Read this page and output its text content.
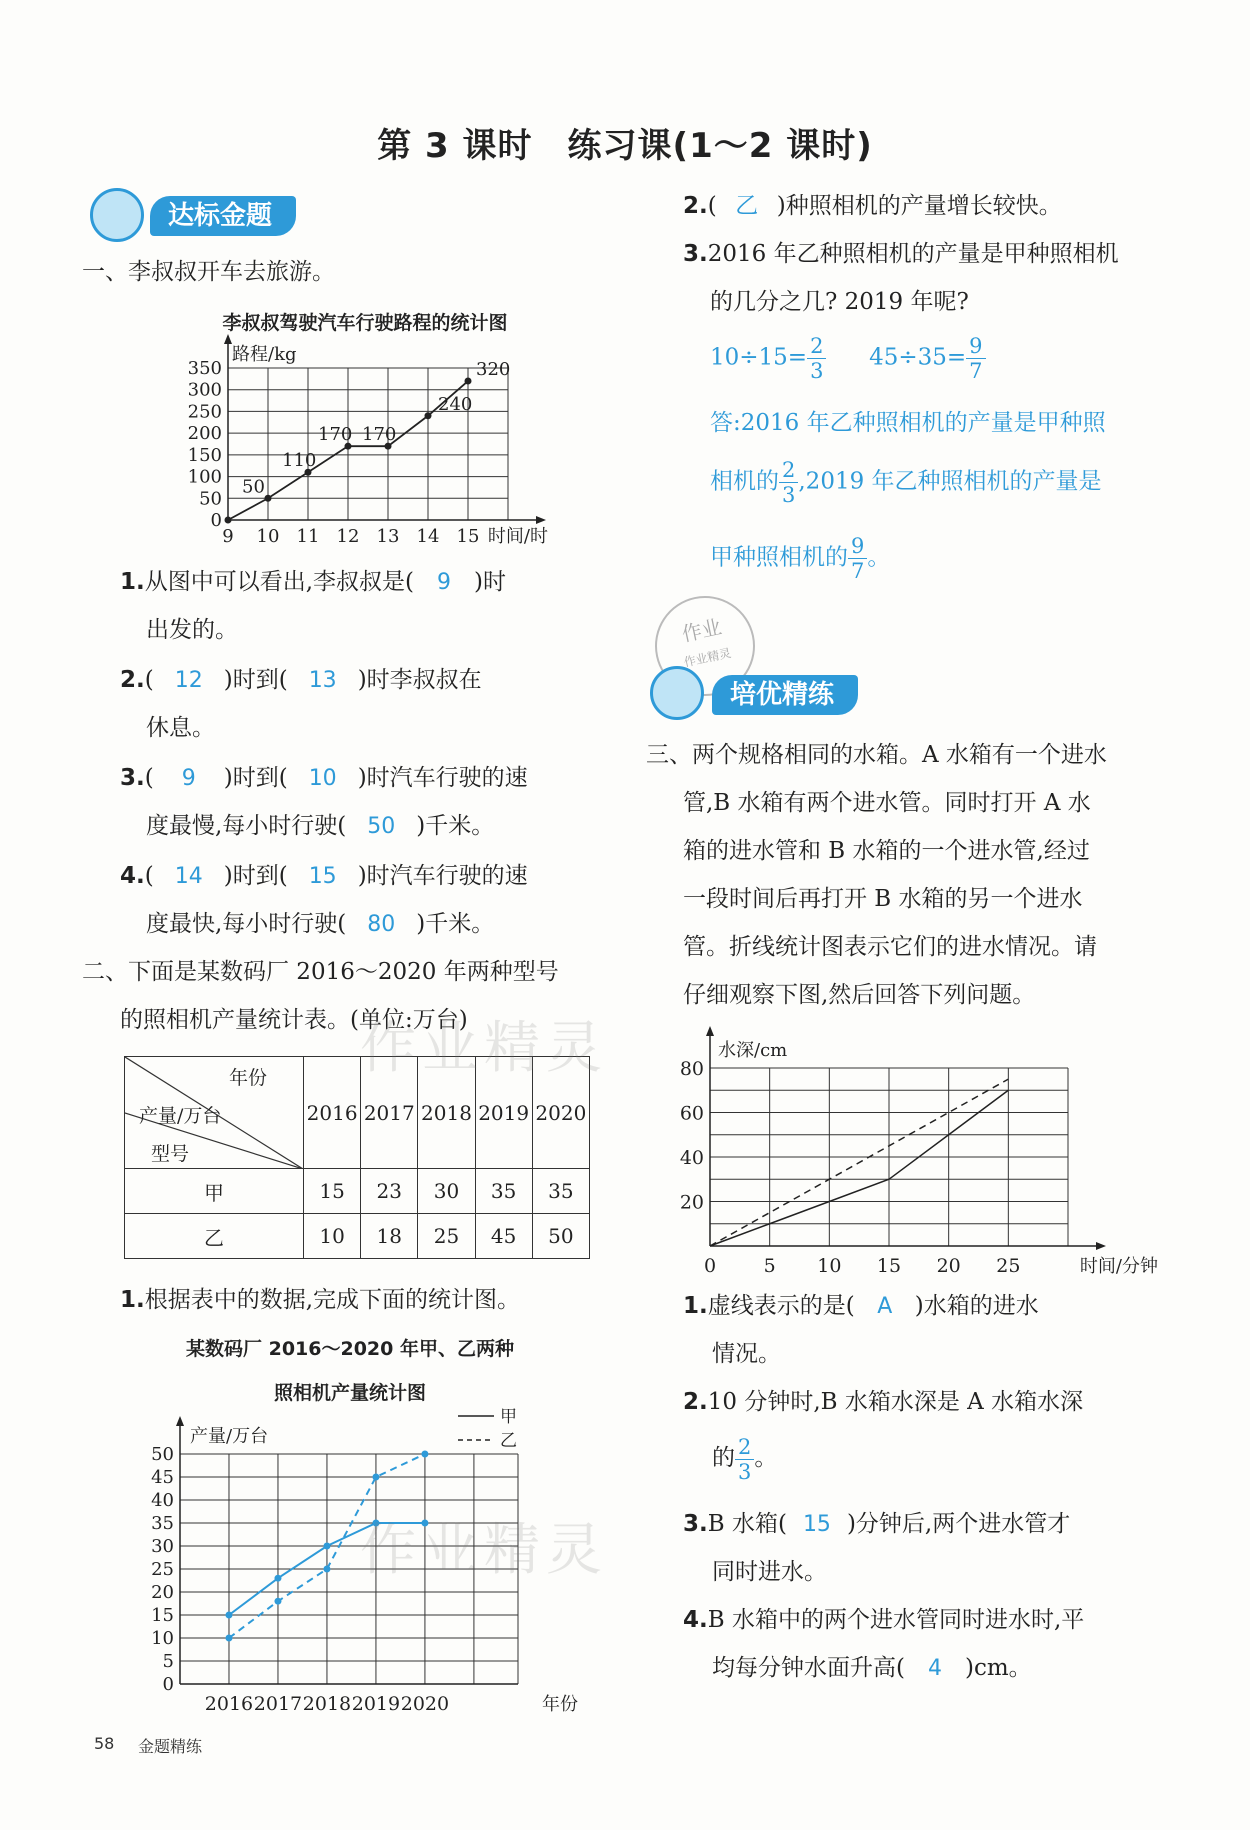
第 3 课时　练习课(1～2 课时)
达标金题
一、李叔叔开车去旅游。
李叔叔驾驶汽车行驶路程的统计图
0
50
100
150
200
250
300
350
9 10 11 12 13 14 15
路程/kg
时间/时
50
110
170 170
240
320
1.从图中可以看出,李叔叔是( 9 )时
出发的。
2.( 12 )时到( 13 )时李叔叔在
休息。
3.( 9 )时到( 10 )时汽车行驶的速
度最慢,每小时行驶( 50 )千米。
4.( 14 )时到( 15 )时汽车行驶的速
度最快,每小时行驶( 80 )千米。
二、下面是某数码厂 2016～2020 年两种型号
的照相机产量统计表。(单位:万台)
年份
产量/万台
型号	2016	2017	2018	2019	2020
甲	15	23	30	35	35
乙	10	18	25	45	50
1.根据表中的数据,完成下面的统计图。
某数码厂 2016～2020 年甲、乙两种
照相机产量统计图
0
5
10
15
20
25
30
35
40
45
50
2016 2017 2018 2019 2020
产量/万台
年份
甲
乙
2.( 乙 )种照相机的产量增长较快。
3.2016 年乙种照相机的产量是甲种照相机
的几分之几? 2019 年呢?
$10\div 15= \frac{2}{3} 45\div 35= \frac{9}{7}$
答:2016 年乙种照相机的产量是甲种照
相机的 $\frac{2}{3} ,2019$ 年乙种照相机的产量是
甲种照相机的 $\frac{9}{7}$ 。
作业
作业精灵
培优精练
三、两个规格相同的水箱。A 水箱有一个进水
管,B 水箱有两个进水管。同时打开 A 水
箱的进水管和 B 水箱的一个进水管,经过
一段时间后再打开 B 水箱的另一个进水
管。折线统计图表示它们的进水情况。请
仔细观察下图,然后回答下列问题。
20
40
60
80
0	5 10 15 20 25
水深/cm
时间/分钟
1.虚线表示的是( A )水箱的进水
情况。
2.10 分钟时,B 水箱水深是 A 水箱水深
的 $\frac{2}{3}$ 。
3.B 水箱( 15 )分钟后,两个进水管才
同时进水。
4.B 水箱中的两个进水管同时进水时,平
均每分钟水面升高( 4 )cm。
作业精灵
作业精灵
58 金题精练
